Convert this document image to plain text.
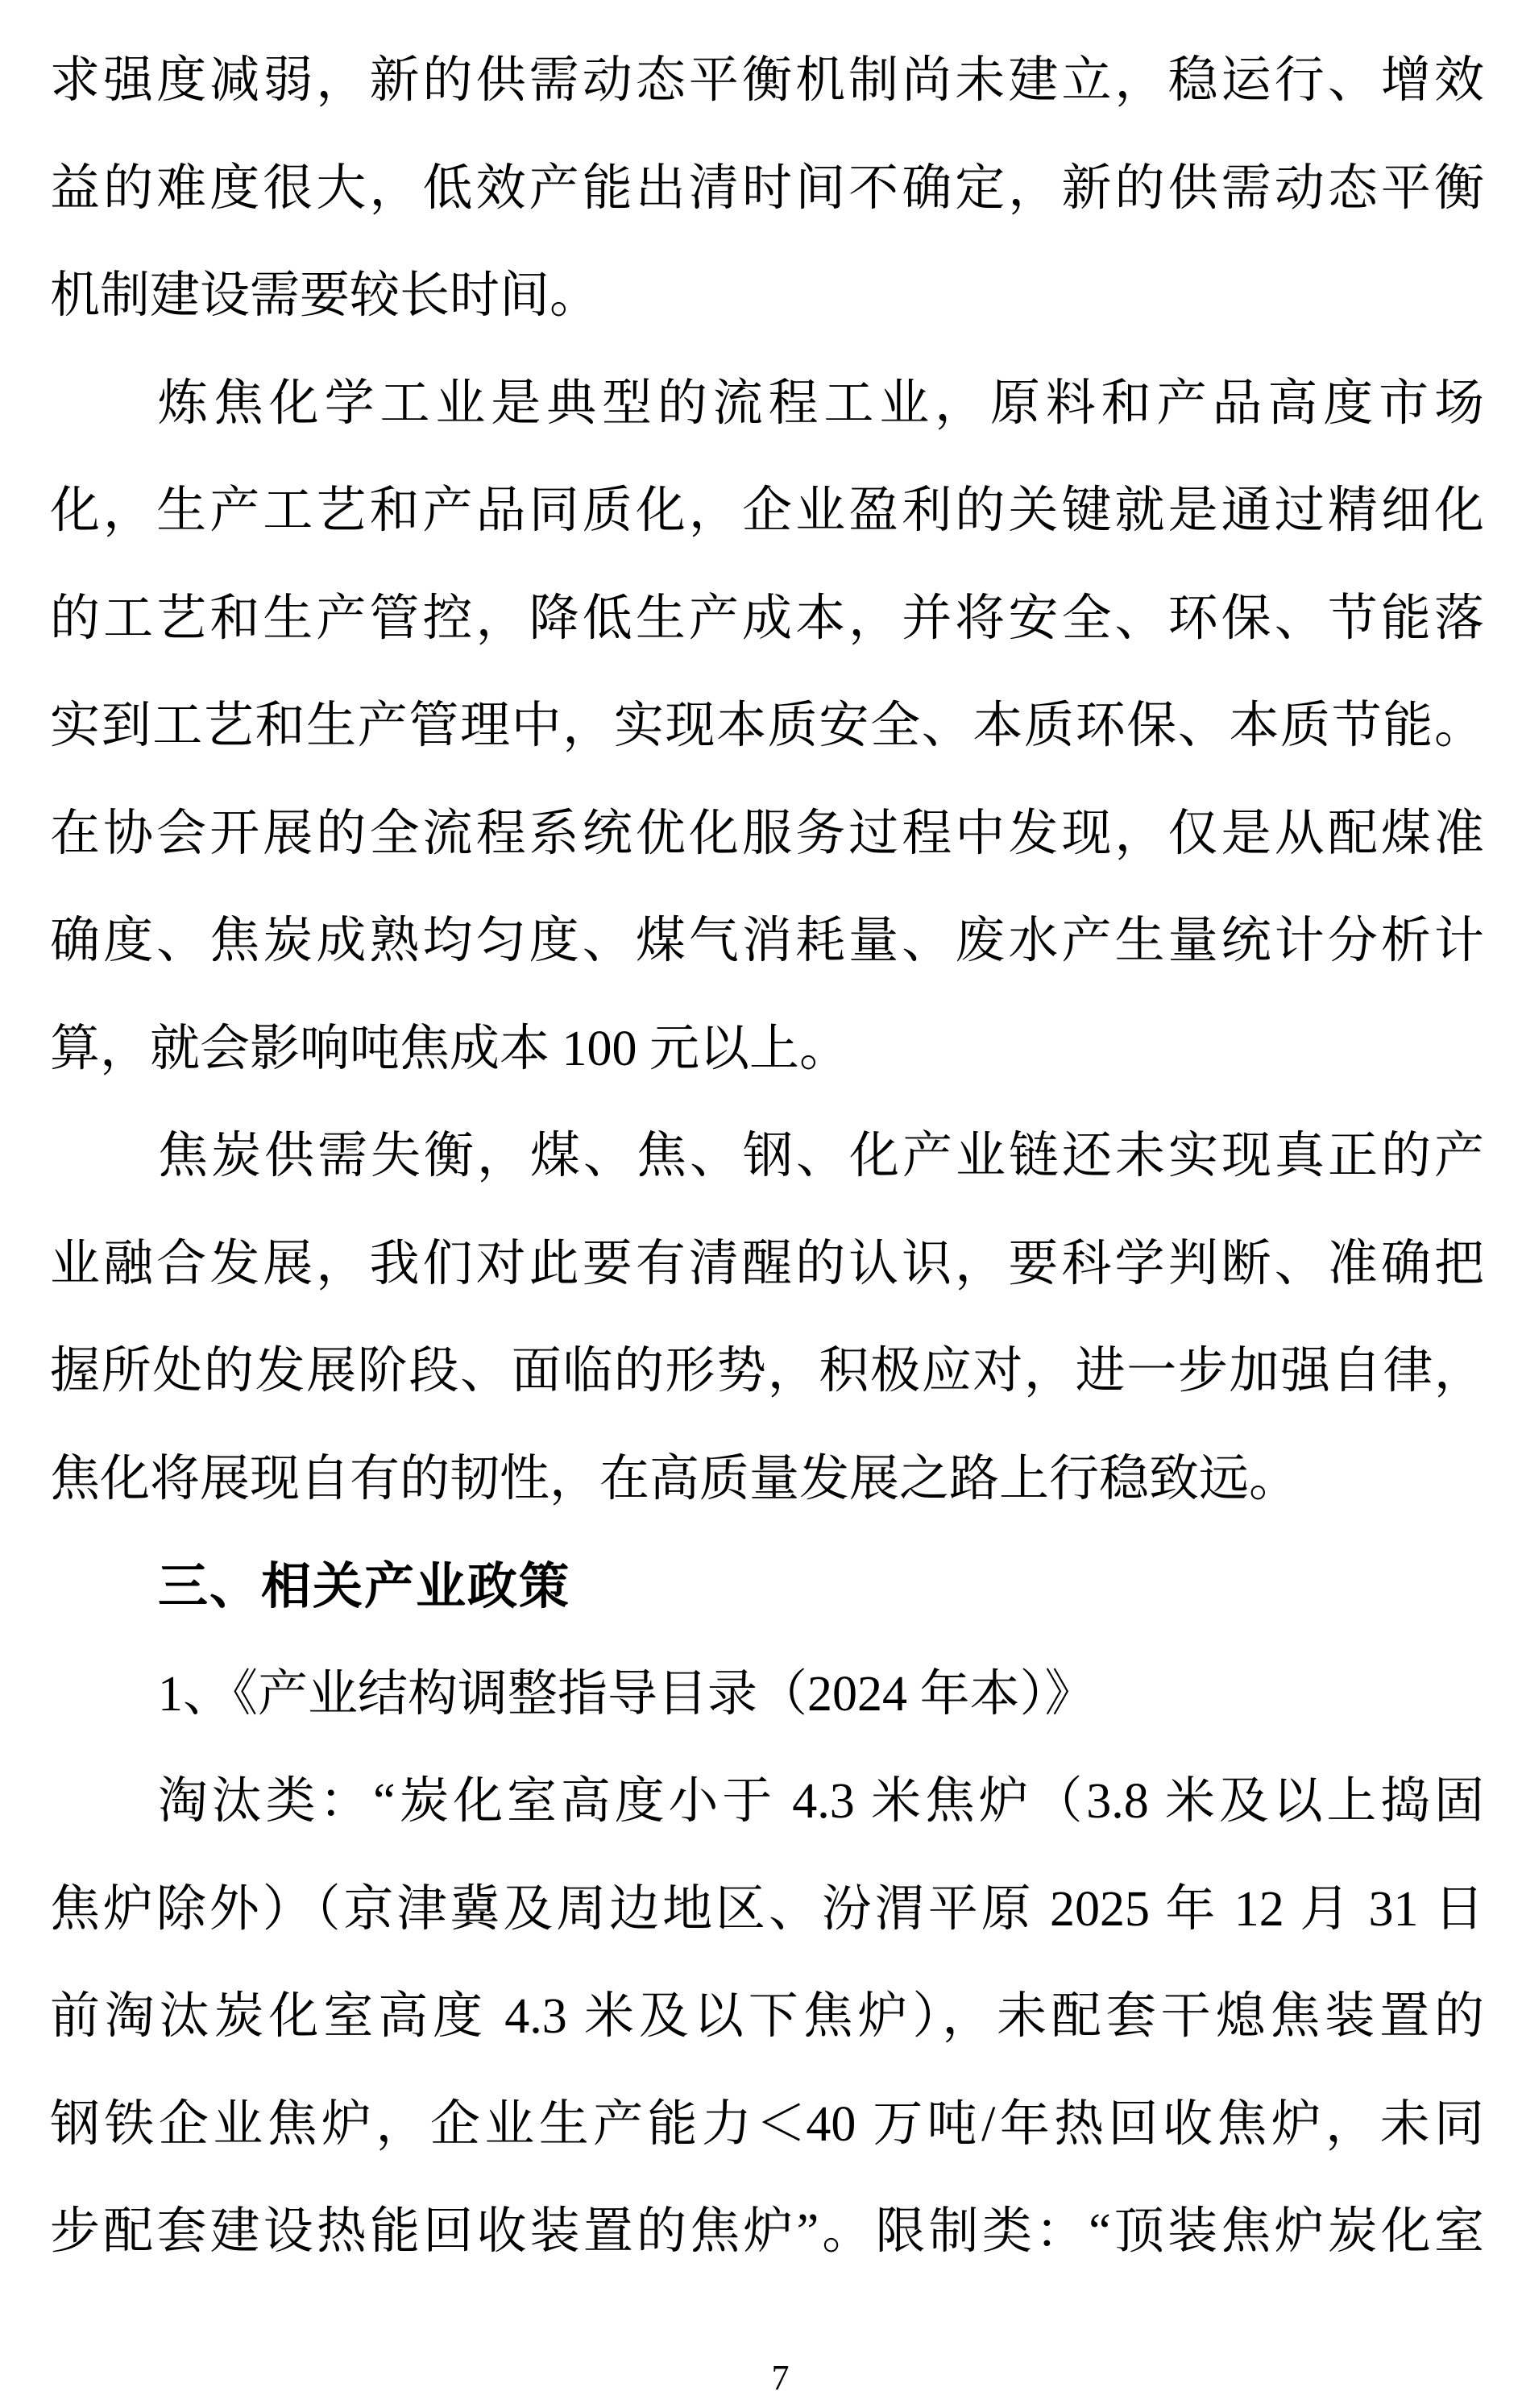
求强度减弱，新的供需动态平衡机制尚未建立，稳运行、增效
益的难度很大，低效产能出清时间不确定，新的供需动态平衡
机制建设需要较长时间。
炼焦化学工业是典型的流程工业，原料和产品高度市场
化，生产工艺和产品同质化，企业盈利的关键就是通过精细化
的工艺和生产管控，降低生产成本，并将安全、环保、节能落
实到工艺和生产管理中，实现本质安全、本质环保、本质节能。
在协会开展的全流程系统优化服务过程中发现，仅是从配煤准
确度、焦炭成熟均匀度、煤气消耗量、废水产生量统计分析计
算，就会影响吨焦成本 100 元以上。
焦炭供需失衡，煤、焦、钢、化产业链还未实现真正的产
业融合发展，我们对此要有清醒的认识，要科学判断、准确把
握所处的发展阶段、面临的形势，积极应对，进一步加强自律，
焦化将展现自有的韧性，在高质量发展之路上行稳致远。
三、相关产业政策
1、《产业结构调整指导目录（2024 年本）》
淘汰类：“炭化室高度小于 4.3 米焦炉（3.8 米及以上捣固
焦炉除外）（京津冀及周边地区、汾渭平原 2025 年 12 月 31 日
前淘汰炭化室高度 4.3 米及以下焦炉），未配套干熄焦装置的
钢铁企业焦炉，企业生产能力＜40 万吨/年热回收焦炉，未同
步配套建设热能回收装置的焦炉”。限制类：“顶装焦炉炭化室
7
